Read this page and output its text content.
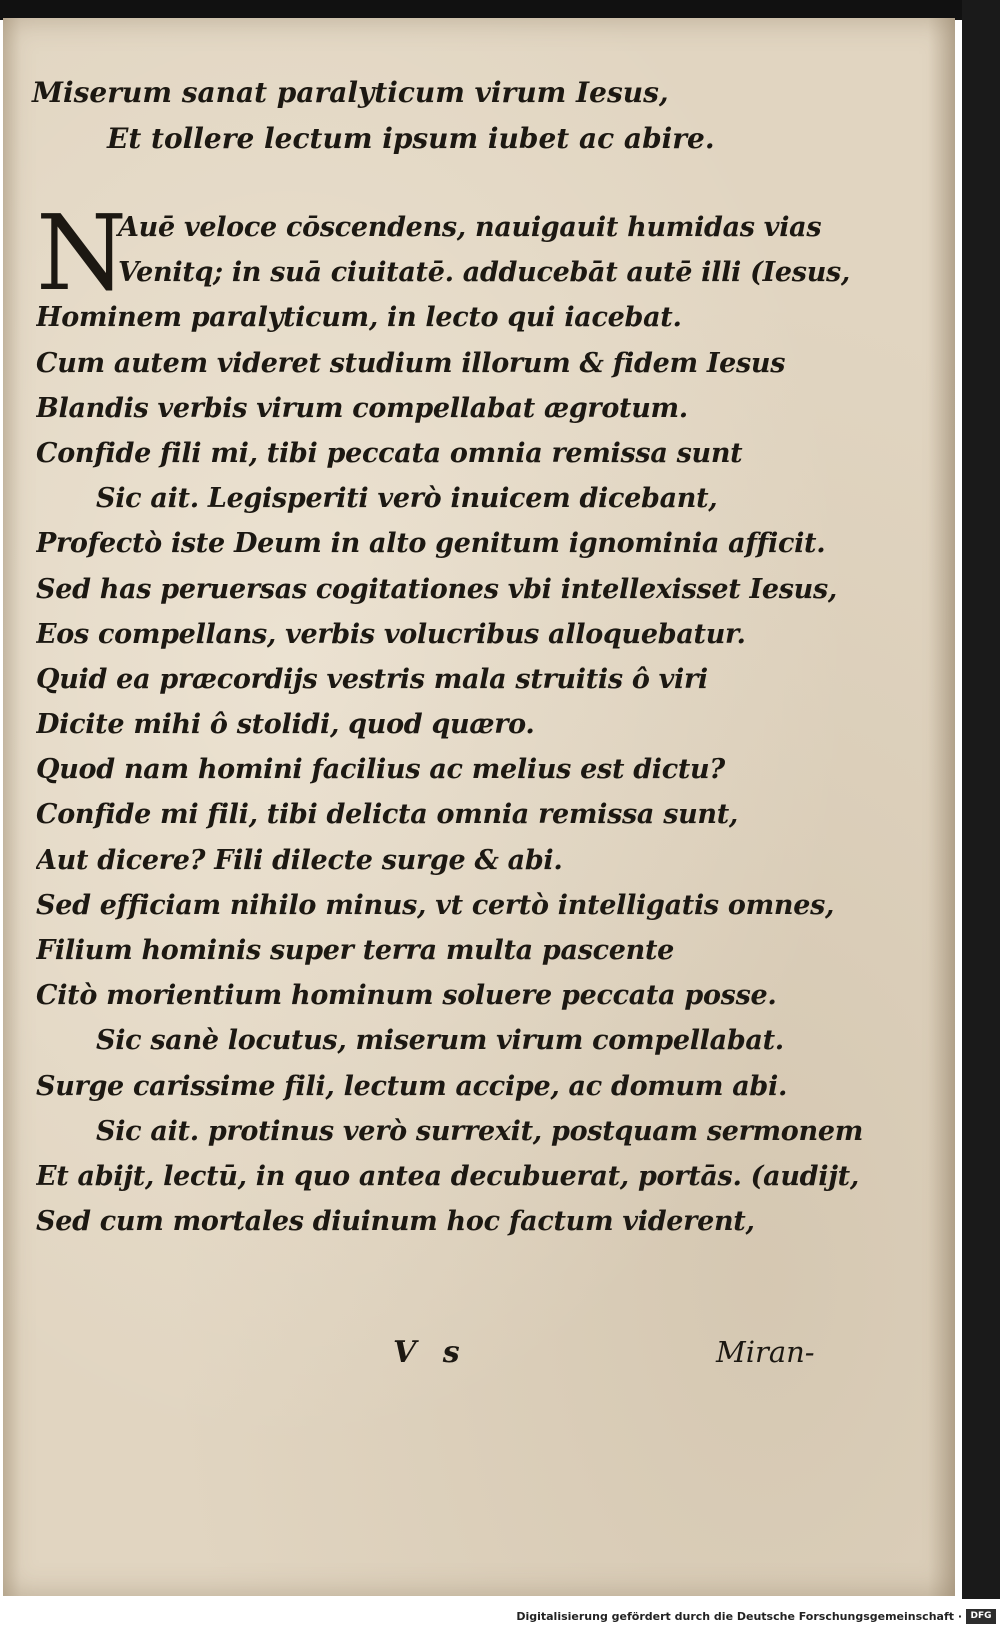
Miserum sanat paralyticum virum Iesus,
Et tollere lectum ipsum iubet ac abire.
N
Auē veloce cōscendens, nauigauit humidas vias
Venitq; in suā ciuitatē. adducebāt autē illi (Iesus,
Hominem paralyticum, in lecto qui iacebat.
Cum autem videret studium illorum & fidem Iesus
Blandis verbis virum compellabat ægrotum.
Confide fili mi, tibi peccata omnia remissa sunt
Sic ait. Legisperiti verò inuicem dicebant,
Profectò iste Deum in alto genitum ignominia afficit.
Sed has peruersas cogitationes vbi intellexisset Iesus,
Eos compellans, verbis volucribus alloquebatur.
Quid ea præcordijs vestris mala struitis ô viri
Dicite mihi ô stolidi, quod quæro.
Quod nam homini facilius ac melius est dictu?
Confide mi fili, tibi delicta omnia remissa sunt,
Aut dicere? Fili dilecte surge & abi.
Sed efficiam nihilo minus, vt certò intelligatis omnes,
Filium hominis super terra multa pascente
Citò morientium hominum soluere peccata posse.
Sic sanè locutus, miserum virum compellabat.
Surge carissime fili, lectum accipe, ac domum abi.
Sic ait. protinus verò surrexit, postquam sermonem
Et abijt, lectū, in quo antea decubuerat, portās. (audijt,
Sed cum mortales diuinum hoc factum viderent,
V s	Miran-
Digitalisierung gefördert durch die Deutsche Forschungsgemeinschaft · DFG
